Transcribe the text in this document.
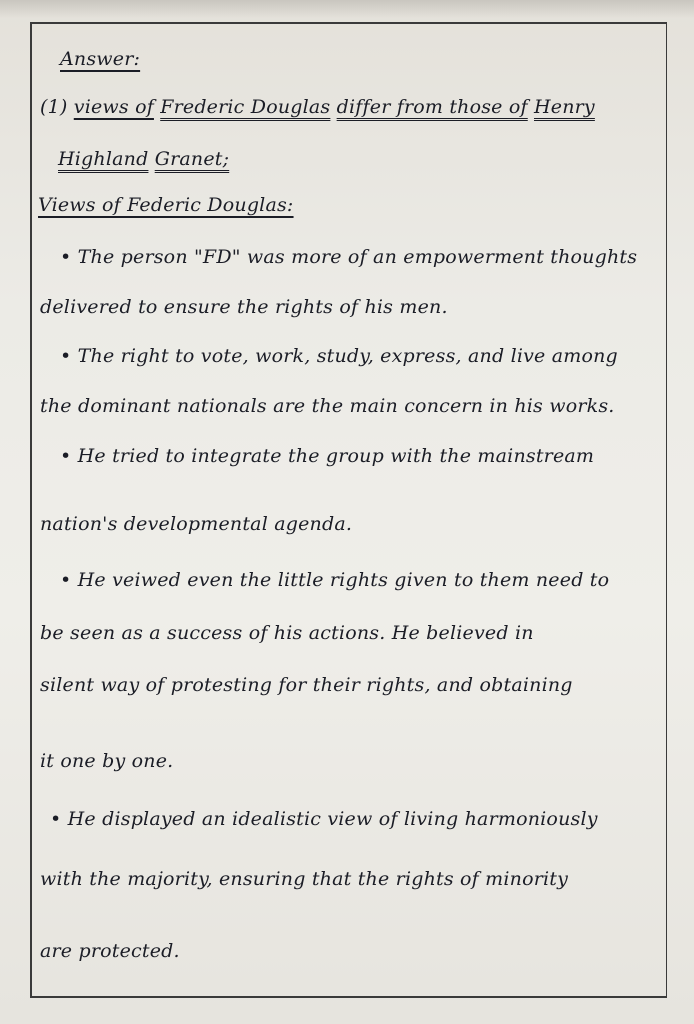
Answer:
(1) views of Frederic Douglas differ from those of Henry
Highland Granet;
Views of Federic Douglas:
• The person "FD" was more of an empowerment thoughts
delivered to ensure the rights of his men.
• The right to vote, work, study, express, and live among
the dominant nationals are the main concern in his works.
• He tried to integrate the group with the mainstream
nation's developmental agenda.
• He veiwed even the little rights given to them need to
be seen as a success of his actions. He believed in
silent way of protesting for their rights, and obtaining
it one by one.
• He displayed an idealistic view of living harmoniously
with the majority, ensuring that the rights of minority
are protected.
